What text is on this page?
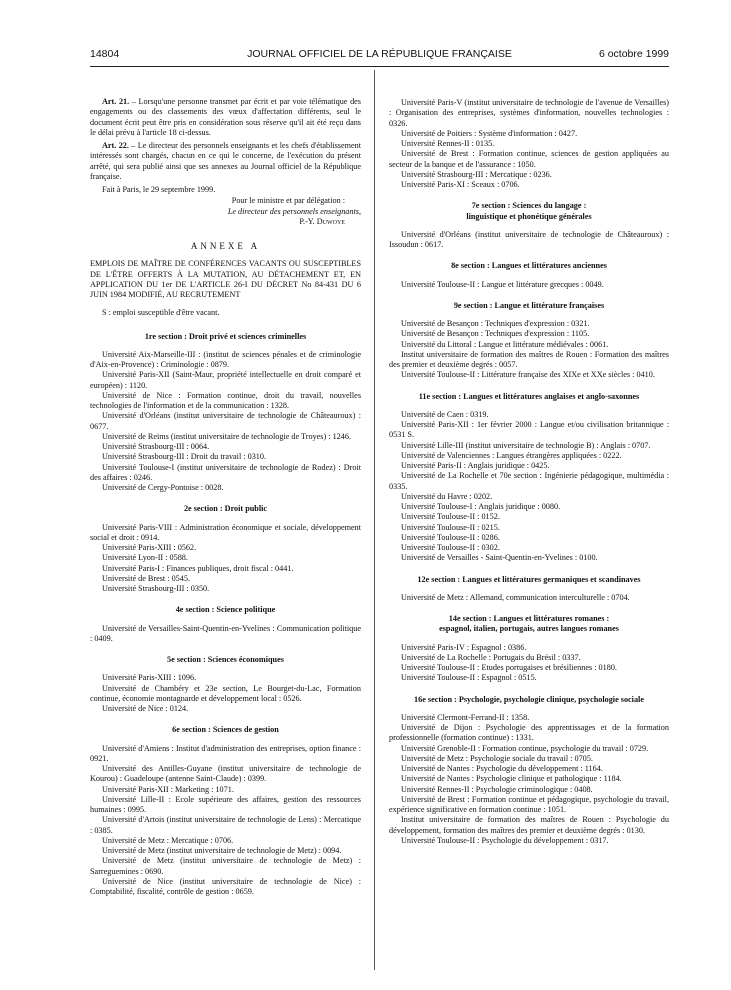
14804	JOURNAL OFFICIEL DE LA RÉPUBLIQUE FRANÇAISE	6 octobre 1999

Art. 21. – Lorsqu'une personne transmet par écrit et par voie télématique des engagements ou des classements des vœux d'affectation différents, seul le document écrit peut être pris en considération sous réserve qu'il ait été reçu dans le délai prévu à l'article 18 ci-dessus.

Art. 22. – Le directeur des personnels enseignants et les chefs d'établissement intéressés sont chargés, chacun en ce qui le concerne, de l'exécution du présent arrêté, qui sera publié ainsi que ses annexes au Journal officiel de la République française.

Fait à Paris, le 29 septembre 1999.

Pour le ministre et par délégation :

Le directeur des personnels enseignants,

P.-Y. Duwoye

ANNEXE A

EMPLOIS DE MAÎTRE DE CONFÉRENCES VACANTS OU SUSCEPTIBLES DE L'ÊTRE OFFERTS À LA MUTATION, AU DÉTACHEMENT ET, EN APPLICATION DU 1er DE L'ARTICLE 26-I DU DÉCRET No 84-431 DU 6 JUIN 1984 MODIFIÉ, AU RECRUTEMENT

S : emploi susceptible d'être vacant.

1re section : Droit privé et sciences criminelles

Université Aix-Marseille-III : (institut de sciences pénales et de criminologie d'Aix-en-Provence) : Criminologie : 0879.

Université Paris-XII (Saint-Maur, propriété intellectuelle en droit comparé et européen) : 1120.

Université de Nice : Formation continue, droit du travail, nouvelles technologies de l'information et de la communication : 1328.

Université d'Orléans (institut universitaire de technologie de Châteauroux) : 0677.

Université de Reims (institut universitaire de technologie de Troyes) : 1246.

Université Strasbourg-III : 0064.

Université Strasbourg-III : Droit du travail : 0310.

Université Toulouse-I (institut universitaire de technologie de Rodez) : Droit des affaires : 0246.

Université de Cergy-Pontoise : 0028.

2e section : Droit public

Université Paris-VIII : Administration économique et sociale, développement social et droit : 0914.

Université Paris-XIII : 0562.

Université Lyon-II : 0588.

Université Paris-I : Finances publiques, droit fiscal : 0441.

Université de Brest : 0545.

Université Strasbourg-III : 0350.

4e section : Science politique

Université de Versailles-Saint-Quentin-en-Yvelines : Communication politique : 0409.

5e section : Sciences économiques

Université Paris-XIII : 1096.

Université de Chambéry et 23e section, Le Bourget-du-Lac, Formation continue, économie montagnarde et développement local : 0526.

Université de Nice : 0124.

6e section : Sciences de gestion

Université d'Amiens : Institut d'administration des entreprises, option finance : 0921.

Université des Antilles-Guyane (institut universitaire de technologie de Kourou) : Guadeloupe (antenne Saint-Claude) : 0399.

Université Paris-XII : Marketing : 1071.

Université Lille-II : Ecole supérieure des affaires, gestion des ressources humaines : 0995.

Université d'Artois (institut universitaire de technologie de Lens) : Mercatique : 0385.

Université de Metz : Mercatique : 0706.

Université de Metz (institut universitaire de technologie de Metz) : 0094.

Université de Metz (institut universitaire de technologie de Metz) : Sarreguemines : 0690.

Université de Nice (institut universitaire de technologie de Nice) : Comptabilité, fiscalité, contrôle de gestion : 0659.

Université Paris-V (institut universitaire de technologie de l'avenue de Versailles) : Organisation des entreprises, systèmes d'information, nouvelles technologies : 0326.

Université de Poitiers : Système d'information : 0427.

Université Rennes-II : 0135.

Université de Brest : Formation continue, sciences de gestion appliquées au secteur de la banque et de l'assurance : 1050.

Université Strasbourg-III : Mercatique : 0236.

Université Paris-XI : Sceaux : 0706.

7e section : Sciences du langage :
linguistique et phonétique générales

Université d'Orléans (institut universitaire de technologie de Châteauroux) : Issoudun : 0617.

8e section : Langues et littératures anciennes

Université Toulouse-II : Langue et littérature grecques : 0049.

9e section : Langue et littérature françaises

Université de Besançon : Techniques d'expression : 0321.

Université de Besançon : Techniques d'expression : 1105.

Université du Littoral : Langue et littérature médiévales : 0061.

Institut universitaire de formation des maîtres de Rouen : Formation des maîtres des premier et deuxième degrés : 0057.

Université Toulouse-II : Littérature française des XIXe et XXe siècles : 0410.

11e section : Langues et littératures anglaises et anglo-saxonnes

Université de Caen : 0319.

Université Paris-XII : 1er février 2000 : Langue et/ou civilisation britannique : 0531 S.

Université Lille-III (institut universitaire de technologie B) : Anglais : 0707.

Université de Valenciennes : Langues étrangères appliquées : 0222.

Université Paris-II : Anglais juridique : 0425.

Université de La Rochelle et 70e section : Ingénierie pédagogique, multimédia : 0335.

Université du Havre : 0202.

Université Toulouse-I : Anglais juridique : 0080.

Université Toulouse-II : 0152.

Université Toulouse-II : 0215.

Université Toulouse-II : 0286.

Université Toulouse-II : 0302.

Université de Versailles - Saint-Quentin-en-Yvelines : 0100.

12e section : Langues et littératures germaniques et scandinaves

Université de Metz : Allemand, communication interculturelle : 0704.

14e section : Langues et littératures romanes :
espagnol, italien, portugais, autres langues romanes

Université Paris-IV : Espagnol : 0386.

Université de La Rochelle : Portugais du Brésil : 0337.

Université Toulouse-II : Etudes portugaises et brésiliennes : 0180.

Université Toulouse-II : Espagnol : 0515.

16e section : Psychologie, psychologie clinique, psychologie sociale

Université Clermont-Ferrand-II : 1358.

Université de Dijon : Psychologie des apprentissages et de la formation professionnelle (formation continue) : 1331.

Université Grenoble-II : Formation continue, psychologie du travail : 0729.

Université de Metz : Psychologie sociale du travail : 0705.

Université de Nantes : Psychologie du développement : 1164.

Université de Nantes : Psychologie clinique et pathologique : 1184.

Université Rennes-II : Psychologie criminologique : 0408.

Université de Brest : Formation continue et pédagogique, psychologie du travail, expérience significative en formation continue : 1051.

Institut universitaire de formation des maîtres de Rouen : Psychologie du développement, formation des maîtres des premier et deuxième degrés : 0130.

Université Toulouse-II : Psychologie du développement : 0317.
